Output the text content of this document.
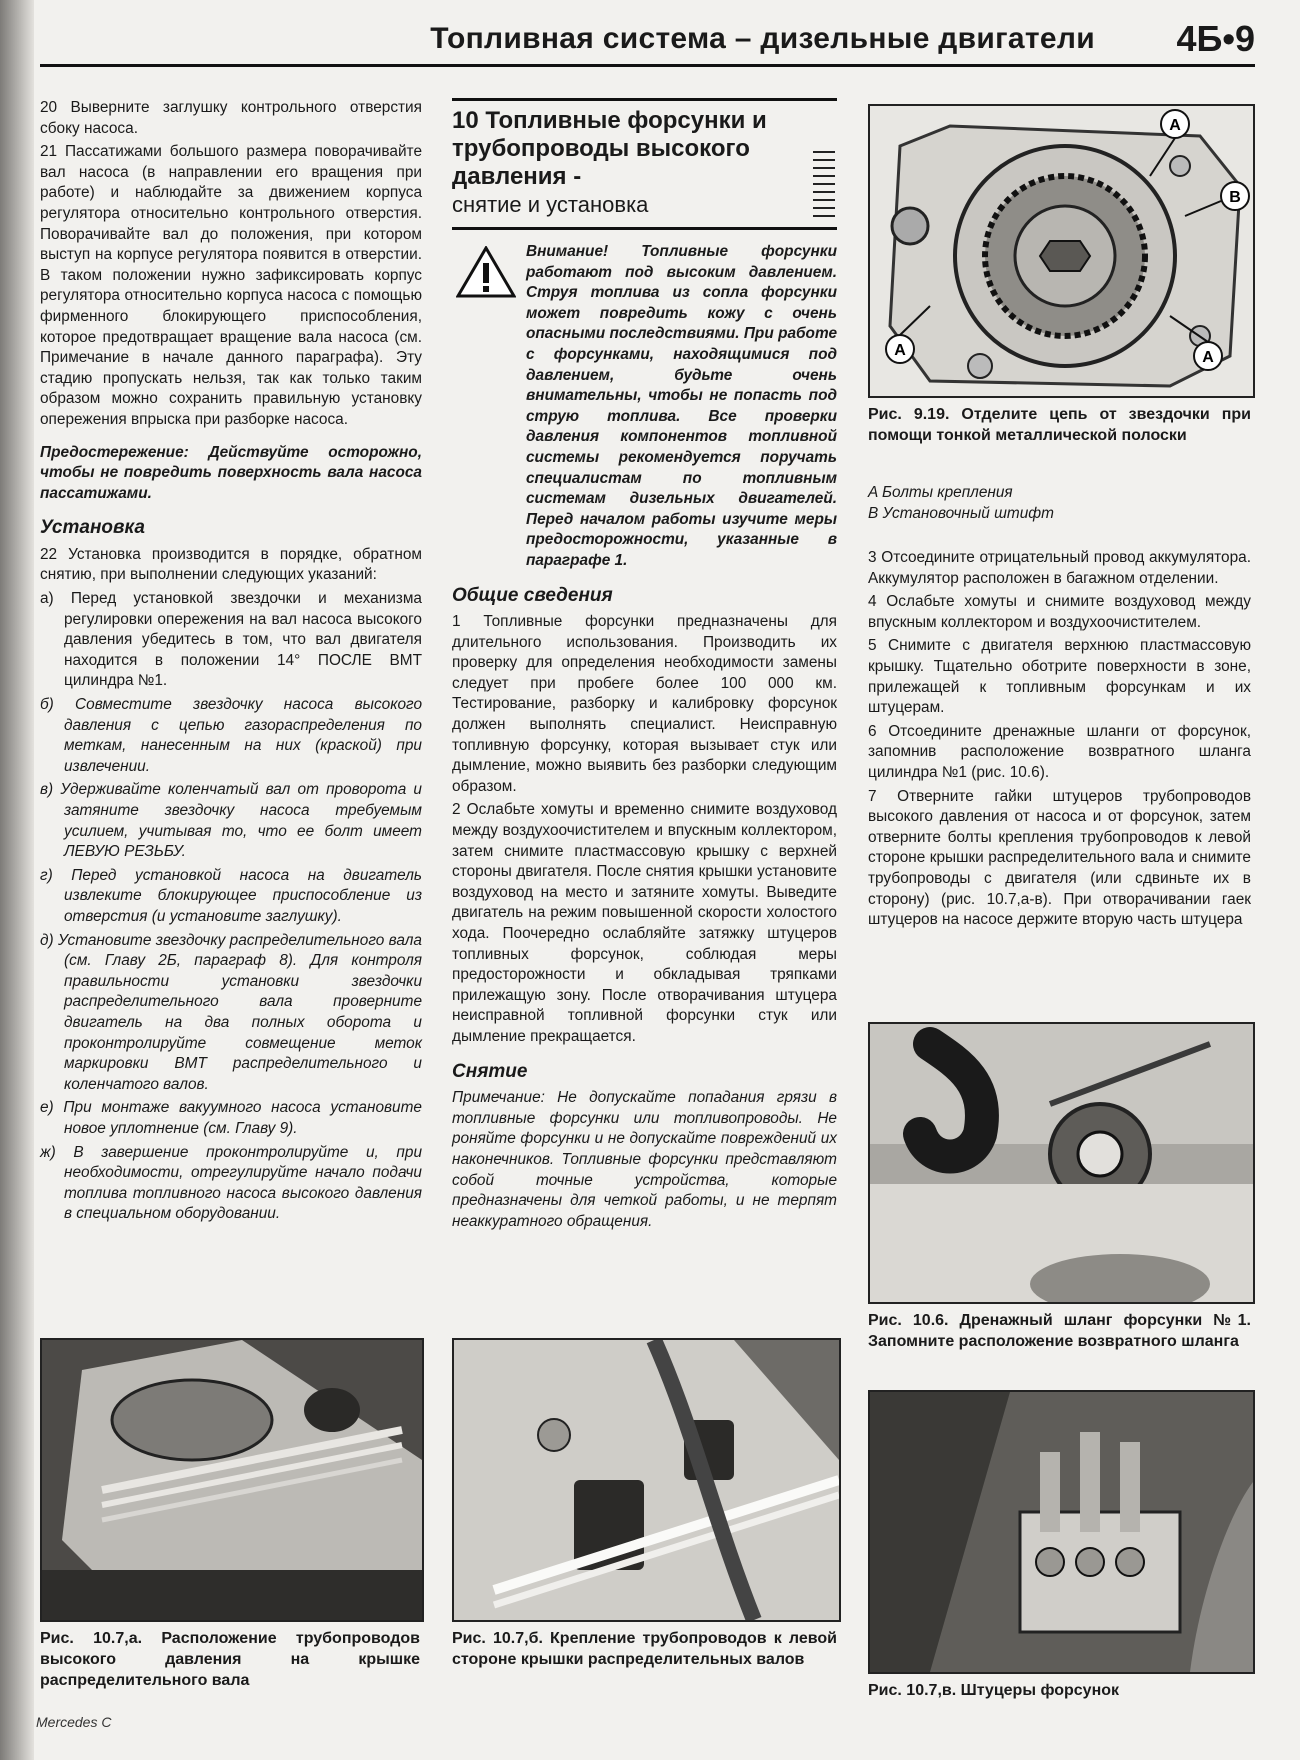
Топливная система – дизельные двигатели 4Б•9

20 Выверните заглушку контрольного отверстия сбоку насоса.

21 Пассатижами большого размера поворачивайте вал насоса (в направлении его вращения при работе) и наблюдайте за движением корпуса регулятора относительно контрольного отверстия. Поворачивайте вал до положения, при котором выступ на корпусе регулятора появится в отверстии. В таком положении нужно зафиксировать корпус регулятора относительно корпуса насоса с помощью фирменного блокирующего приспособления, которое предотвращает вращение вала насоса (см. Примечание в начале данного параграфа). Эту стадию пропускать нельзя, так как только таким образом можно сохранить правильную установку опережения впрыска при разборке насоса.

Предостережение: Действуйте осторожно, чтобы не повредить поверхность вала насоса пассатижами.

Установка

22 Установка производится в порядке, обратном снятию, при выполнении следующих указаний:

а) Перед установкой звездочки и механизма регулировки опережения на вал насоса высокого давления убедитесь в том, что вал двигателя находится в положении 14° ПОСЛЕ ВМТ цилиндра №1.

б) Совместите звездочку насоса высокого давления с цепью газораспределения по меткам, нанесенным на них (краской) при извлечении.

в) Удерживайте коленчатый вал от проворота и затяните звездочку насоса требуемым усилием, учитывая то, что ее болт имеет ЛЕВУЮ РЕЗЬБУ.

г) Перед установкой насоса на двигатель извлеките блокирующее приспособление из отверстия (и установите заглушку).

д) Установите звездочку распределительного вала (см. Главу 2Б, параграф 8). Для контроля правильности установки звездочки распределительного вала проверните двигатель на два полных оборота и проконтролируйте совмещение меток маркировки ВМТ распределительного и коленчатого валов.

е) При монтаже вакуумного насоса установите новое уплотнение (см. Главу 9).

ж) В завершение проконтролируйте и, при необходимости, отрегулируйте начало подачи топлива топливного насоса высокого давления в специальном оборудовании.

10 Топливные форсунки и трубопроводы высокого давления -
снятие и установка

Внимание! Топливные форсунки работают под высоким давлением. Струя топлива из сопла форсунки может повредить кожу с очень опасными последствиями. При работе с форсунками, находящимися под давлением, будьте очень внимательны, чтобы не попасть под струю топлива. Все проверки давления компонентов топливной системы рекомендуется поручать специалистам по топливным системам дизельных двигателей. Перед началом работы изучите меры предосторожности, указанные в параграфе 1.

Общие сведения

1 Топливные форсунки предназначены для длительного использования. Производить их проверку для определения необходимости замены следует при пробеге более 100 000 км. Тестирование, разборку и калибровку форсунок должен выполнять специалист. Неисправную топливную форсунку, которая вызывает стук или дымление, можно выявить без разборки следующим образом.

2 Ослабьте хомуты и временно снимите воздуховод между воздухоочистителем и впускным коллектором, затем снимите пластмассовую крышку с верхней стороны двигателя. После снятия крышки установите воздуховод на место и затяните хомуты. Выведите двигатель на режим повышенной скорости холостого хода. Поочередно ослабляйте затяжку штуцеров топливных форсунок, соблюдая меры предосторожности и обкладывая тряпками прилежащую зону. После отворачивания штуцера неисправной топливной форсунки стук или дымление прекращается.

Снятие

Примечание: Не допускайте попадания грязи в топливные форсунки или топливопроводы. Не роняйте форсунки и не допускайте повреждений их наконечников. Топливные форсунки представляют собой точные устройства, которые предназначены для четкой работы, и не терпят неаккуратного обращения.

A
B
A	A
Рис. 9.19. Отделите цепь от звездочки при помощи тонкой металлической полоски
A Болты крепления
B Установочный штифт

3 Отсоедините отрицательный провод аккумулятора. Аккумулятор расположен в багажном отделении.

4 Ослабьте хомуты и снимите воздуховод между впускным коллектором и воздухоочистителем.

5 Снимите с двигателя верхнюю пластмассовую крышку. Тщательно оботрите поверхности в зоне, прилежащей к топливным форсункам и их штуцерам.

6 Отсоедините дренажные шланги от форсунок, запомнив расположение возвратного шланга цилиндра №1 (рис. 10.6).

7 Отверните гайки штуцеров трубопроводов высокого давления от насоса и от форсунок, затем отверните болты крепления трубопроводов к левой стороне крышки распределительного вала и снимите трубопроводы с двигателя (или сдвиньте их в сторону) (рис. 10.7,а-в). При отворачивании гаек штуцеров на насосе держите вторую часть штуцера

Рис. 10.6. Дренажный шланг форсунки №1. Запомните расположение возвратного шланга
Рис. 10.7,в. Штуцеры форсунок
Рис. 10.7,а. Расположение трубопроводов высокого давления на крышке распределительного вала
Рис. 10.7,б. Крепление трубопроводов к левой стороне крышки распределительных валов
Mercedes C
